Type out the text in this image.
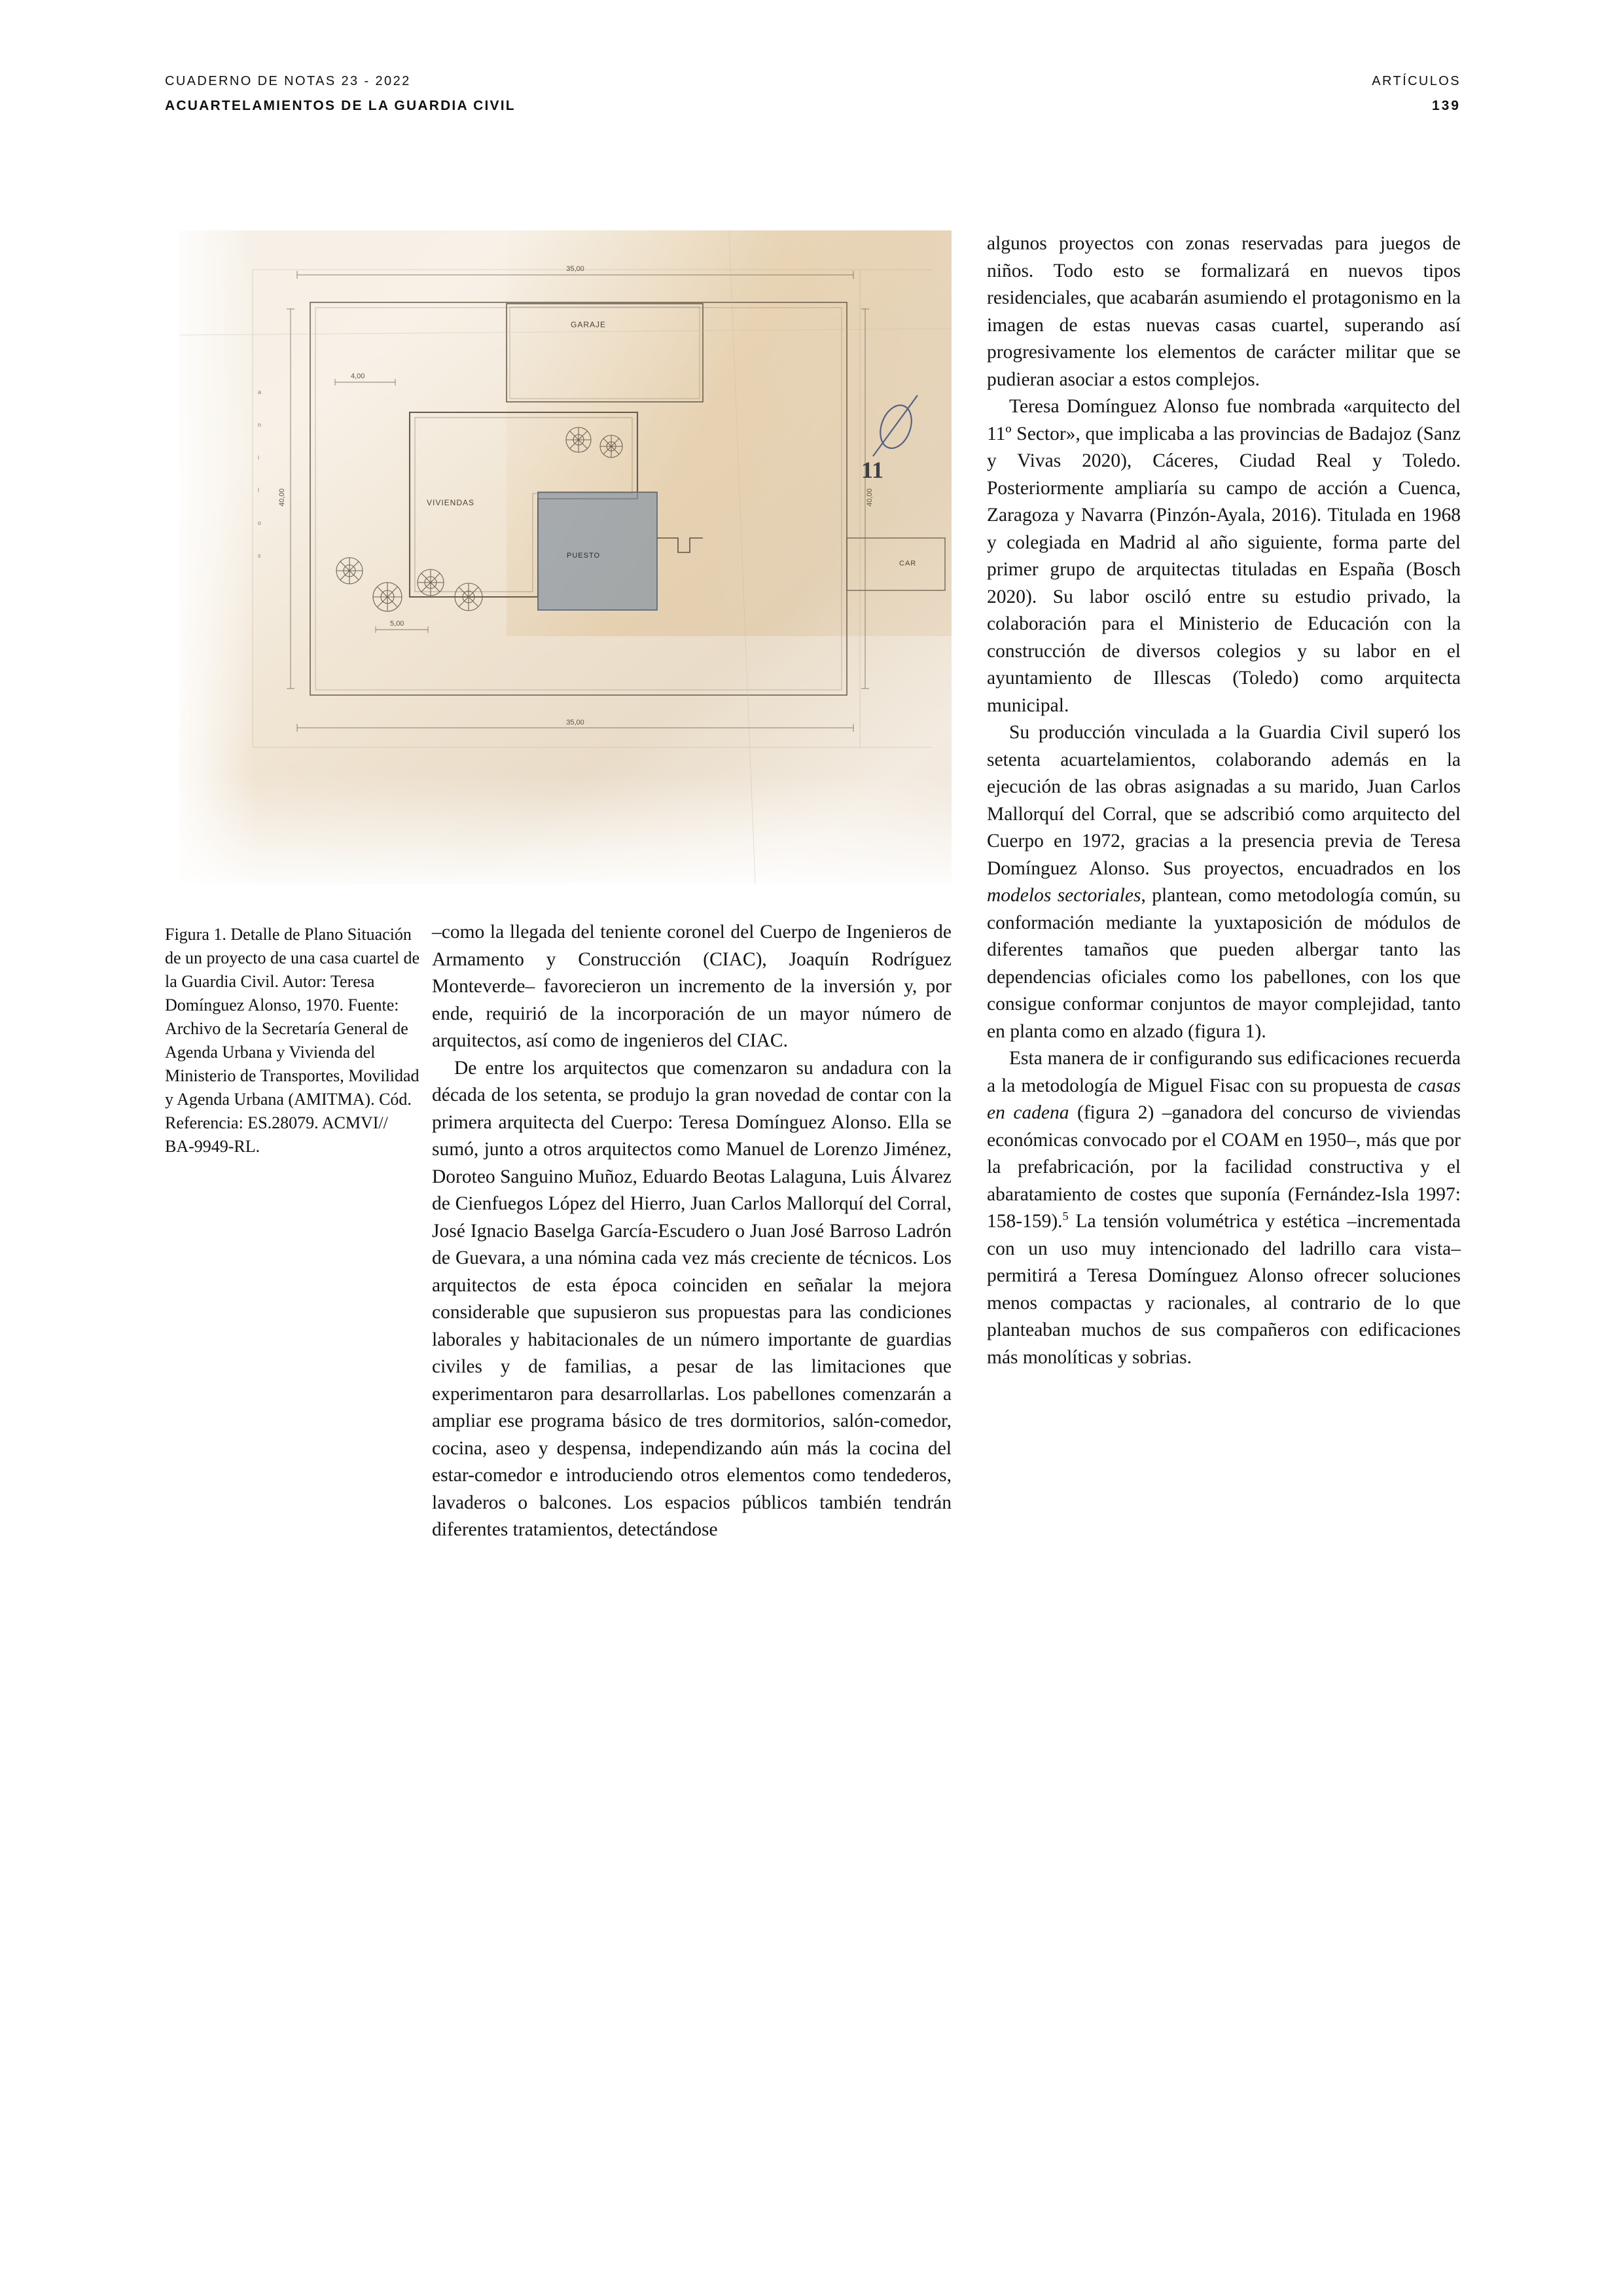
CUADERNO DE NOTAS 23 - 2022
ACUARTELAMIENTOS DE LA GUARDIA CIVIL
ARTÍCULOS
139
35,00
35,00
40,00	40,00
GARAJE
VIVIENDAS
PUESTO
CAR
4,00
5,00
a
n
i
l
o
s
11
Figura 1. Detalle de Plano Situación de un proyecto de una casa cuartel de la Guardia Civil. Autor: Teresa Domínguez Alonso, 1970. Fuente: Archivo de la Secretaría General de Agenda Urbana y Vivienda del Ministerio de Transportes, Movilidad y Agenda Urbana (AMITMA). Cód. Referencia: ES.28079. ACMVI// BA-9949-RL.

–como la llegada del teniente coronel del Cuerpo de Ingenieros de Armamento y Construcción (CIAC), Joaquín Rodríguez Monteverde– favorecieron un incremento de la inversión y, por ende, requirió de la incorporación de un mayor número de arquitectos, así como de ingenieros del CIAC.

De entre los arquitectos que comenzaron su andadura con la década de los setenta, se produjo la gran novedad de contar con la primera arquitecta del Cuerpo: Teresa Domínguez Alonso. Ella se sumó, junto a otros arquitectos como Manuel de Lorenzo Jiménez, Doroteo Sanguino Muñoz, Eduardo Beotas Lalaguna, Luis Álvarez de Cienfuegos López del Hierro, Juan Carlos Mallorquí del Corral, José Ignacio Baselga García-Escudero o Juan José Barroso Ladrón de Guevara, a una nómina cada vez más creciente de técnicos. Los arquitectos de esta época coinciden en señalar la mejora considerable que supusieron sus propuestas para las condiciones laborales y habitacionales de un número importante de guardias civiles y de familias, a pesar de las limitaciones que experimentaron para desarrollarlas. Los pabellones comenzarán a ampliar ese programa básico de tres dormitorios, salón-comedor, cocina, aseo y despensa, independizando aún más la cocina del estar-comedor e introduciendo otros elementos como tendederos, lavaderos o balcones. Los espacios públicos también tendrán diferentes tratamientos, detectándose

algunos proyectos con zonas reservadas para juegos de niños. Todo esto se formalizará en nuevos tipos residenciales, que acabarán asumiendo el protagonismo en la imagen de estas nuevas casas cuartel, superando así progresivamente los elementos de carácter militar que se pudieran asociar a estos complejos.

Teresa Domínguez Alonso fue nombrada «arquitecto del 11º Sector», que implicaba a las provincias de Badajoz (Sanz y Vivas 2020), Cáceres, Ciudad Real y Toledo. Posteriormente ampliaría su campo de acción a Cuenca, Zaragoza y Navarra (Pinzón-Ayala, 2016). Titulada en 1968 y colegiada en Madrid al año siguiente, forma parte del primer grupo de arquitectas tituladas en España (Bosch 2020). Su labor osciló entre su estudio privado, la colaboración para el Ministerio de Educación con la construcción de diversos colegios y su labor en el ayuntamiento de Illescas (Toledo) como arquitecta municipal.

Su producción vinculada a la Guardia Civil superó los setenta acuartelamientos, colaborando además en la ejecución de las obras asignadas a su marido, Juan Carlos Mallorquí del Corral, que se adscribió como arquitecto del Cuerpo en 1972, gracias a la presencia previa de Teresa Domínguez Alonso. Sus proyectos, encuadrados en los modelos sectoriales, plantean, como metodología común, su conformación mediante la yuxtaposición de módulos de diferentes tamaños que pueden albergar tanto las dependencias oficiales como los pabellones, con los que consigue conformar conjuntos de mayor complejidad, tanto en planta como en alzado (figura 1).

Esta manera de ir configurando sus edificaciones recuerda a la metodología de Miguel Fisac con su propuesta de casas en cadena (figura 2) –ganadora del concurso de viviendas económicas convocado por el COAM en 1950–, más que por la prefabricación, por la facilidad constructiva y el abaratamiento de costes que suponía (Fernández-Isla 1997: 158-159).$^5$ La tensión volumétrica y estética –incrementada con un uso muy intencionado del ladrillo cara vista– permitirá a Teresa Domínguez Alonso ofrecer soluciones menos compactas y racionales, al contrario de lo que planteaban muchos de sus compañeros con edificaciones más monolíticas y sobrias.
